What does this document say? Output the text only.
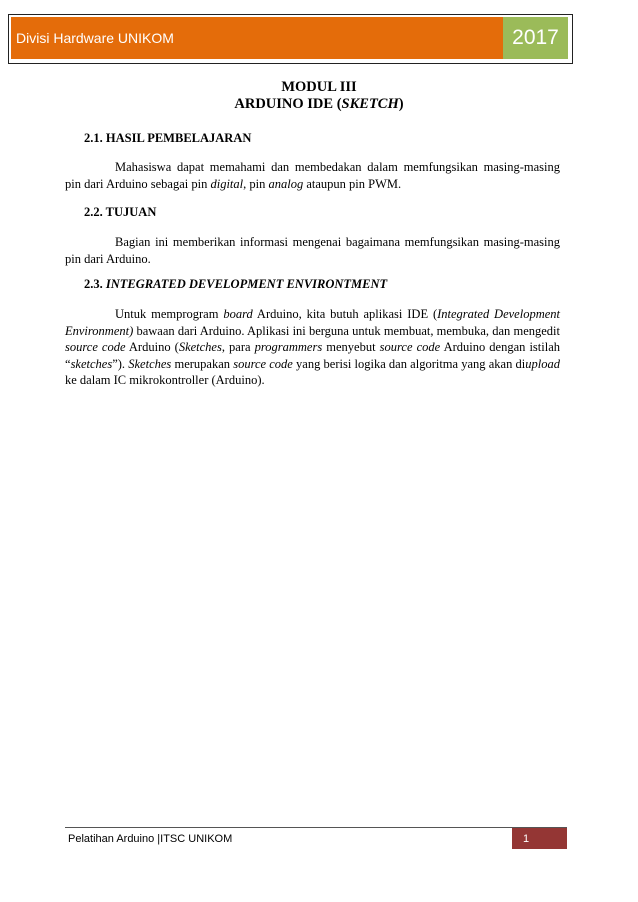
Divisi Hardware UNIKOM	2017
MODUL III
ARDUINO IDE (SKETCH)
2.1. HASIL PEMBELAJARAN
Mahasiswa dapat memahami dan membedakan dalam memfungsikan masing-masing pin dari Arduino sebagai pin digital, pin analog ataupun pin PWM.
2.2. TUJUAN
Bagian ini memberikan informasi mengenai bagaimana memfungsikan masing-masing pin dari Arduino.
2.3. INTEGRATED DEVELOPMENT ENVIRONTMENT
Untuk memprogram board Arduino, kita butuh aplikasi IDE (Integrated Development Environment) bawaan dari Arduino. Aplikasi ini berguna untuk membuat, membuka, dan mengedit source code Arduino (Sketches, para programmers menyebut source code Arduino dengan istilah “sketches”). Sketches merupakan source code yang berisi logika dan algoritma yang akan diupload ke dalam IC mikrokontroller (Arduino).
Pelatihan Arduino |ITSC UNIKOM	1
